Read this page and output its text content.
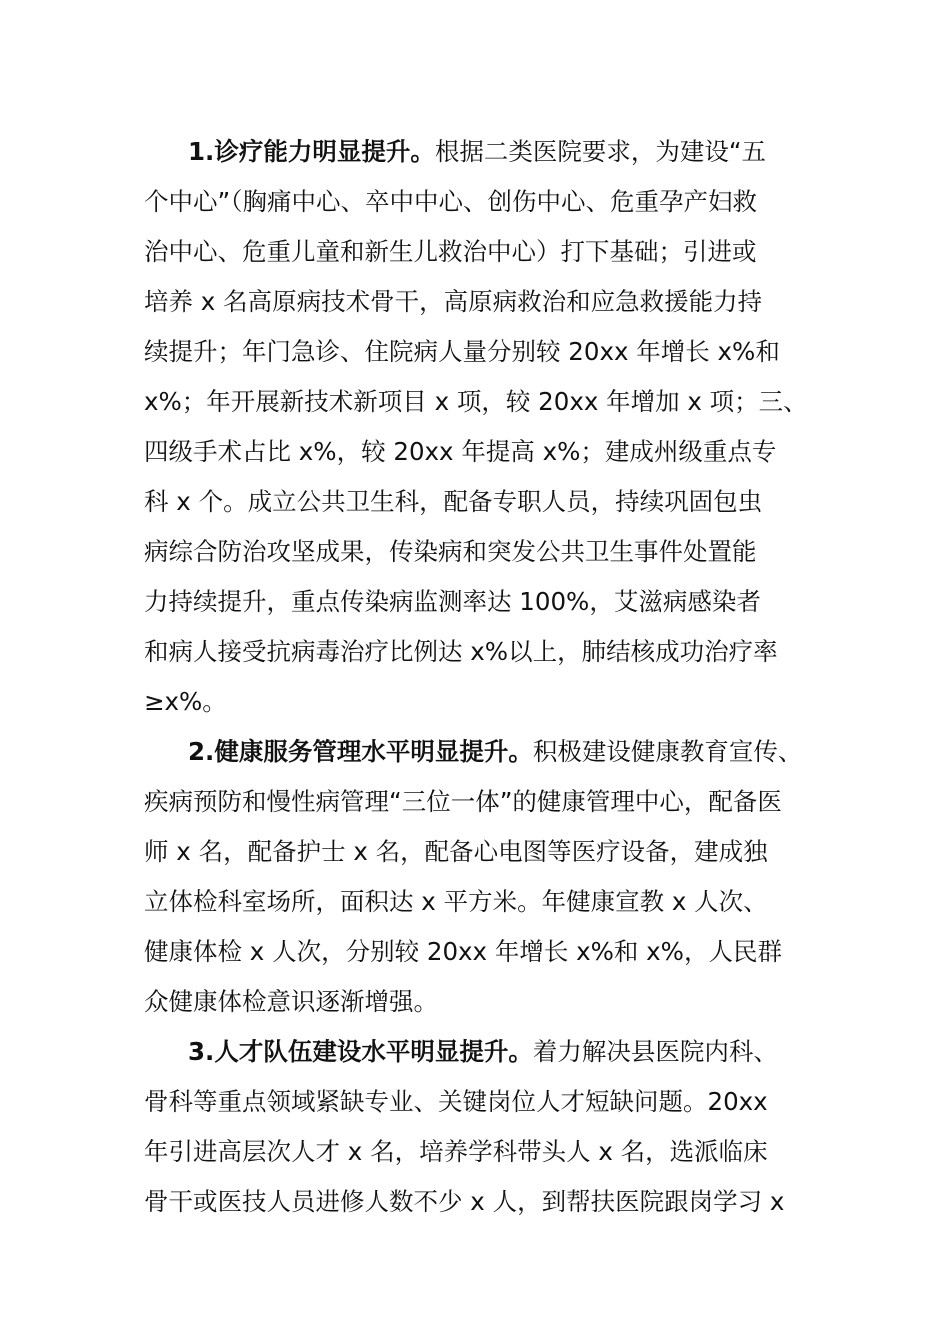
1.诊疗能力明显提升。根据二类医院要求，为建设“五
个中心”（胸痛中心、卒中中心、创伤中心、危重孕产妇救
治中心、危重儿童和新生儿救治中心）打下基础；引进或
培养 x 名高原病技术骨干，高原病救治和应急救援能力持
续提升；年门急诊、住院病人量分别较 20xx 年增长 x%和
x%；年开展新技术新项目 x 项，较 20xx 年增加 x 项；三、
四级手术占比 x%，较 20xx 年提高 x%；建成州级重点专
科 x 个。成立公共卫生科，配备专职人员，持续巩固包虫
病综合防治攻坚成果，传染病和突发公共卫生事件处置能
力持续提升，重点传染病监测率达 100%，艾滋病感染者
和病人接受抗病毒治疗比例达 x%以上，肺结核成功治疗率
≥x%。
2.健康服务管理水平明显提升。积极建设健康教育宣传、
疾病预防和慢性病管理“三位一体”的健康管理中心，配备医
师 x 名，配备护士 x 名，配备心电图等医疗设备，建成独
立体检科室场所，面积达 x 平方米。年健康宣教 x 人次、
健康体检 x 人次，分别较 20xx 年增长 x%和 x%，人民群
众健康体检意识逐渐增强。
3.人才队伍建设水平明显提升。着力解决县医院内科、
骨科等重点领域紧缺专业、关键岗位人才短缺问题。20xx
年引进高层次人才 x 名，培养学科带头人 x 名，选派临床
骨干或医技人员进修人数不少 x 人，到帮扶医院跟岗学习 x
